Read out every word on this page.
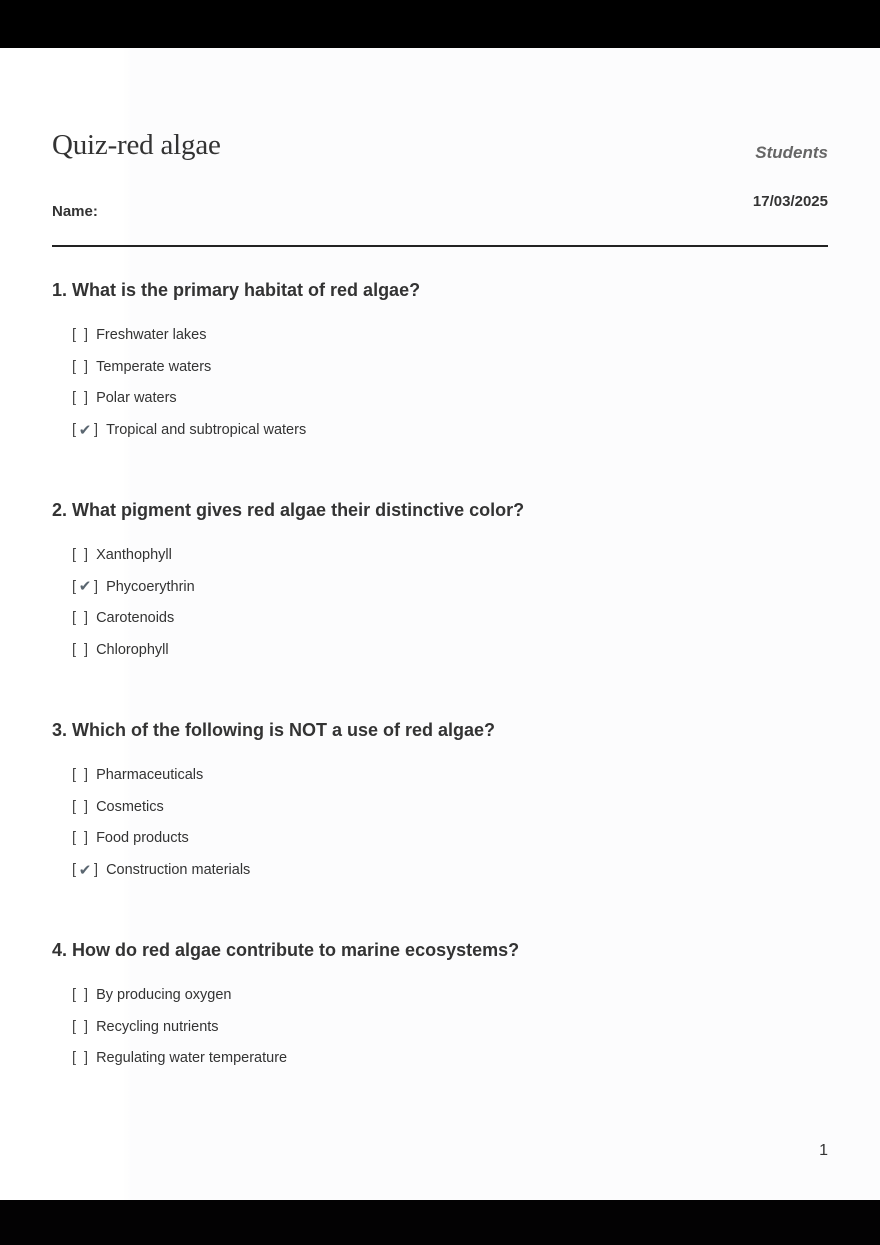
Quiz-red algae	Students
17/03/2025
Name:
1. What is the primary habitat of red algae?
[ ] Freshwater lakes
[ ] Temperate waters
[ ] Polar waters
[ ✔ ] Tropical and subtropical waters
2. What pigment gives red algae their distinctive color?
[ ] Xanthophyll
[ ✔ ] Phycoerythrin
[ ] Carotenoids
[ ] Chlorophyll
3. Which of the following is NOT a use of red algae?
[ ] Pharmaceuticals
[ ] Cosmetics
[ ] Food products
[ ✔ ] Construction materials
4. How do red algae contribute to marine ecosystems?
[ ] By producing oxygen
[ ] Recycling nutrients
[ ] Regulating water temperature
1
